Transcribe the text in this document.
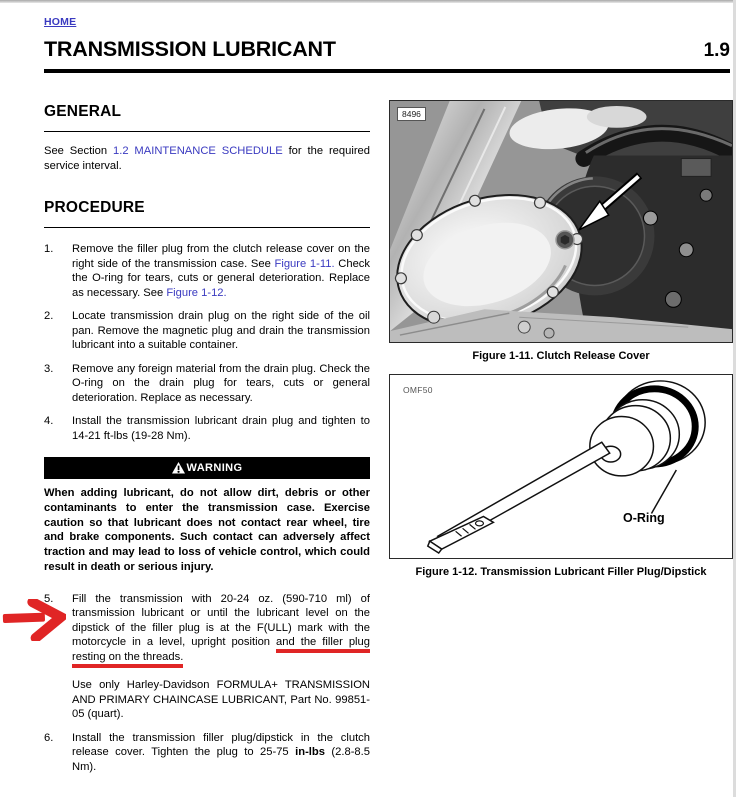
HOME
TRANSMISSION LUBRICANT	1.9
GENERAL

See Section 1.2 MAINTENANCE SCHEDULE for the required service interval.

PROCEDURE
1.	Remove the filler plug from the clutch release cover on the right side of the transmission case. See Figure 1-11. Check the O-ring for tears, cuts or general deterioration. Replace as necessary. See Figure 1-12.
2.	Locate transmission drain plug on the right side of the oil pan. Remove the magnetic plug and drain the transmission lubricant into a suitable container.
3.	Remove any foreign material from the drain plug. Check the O-ring on the drain plug for tears, cuts or general deterioration. Replace as necessary.
4.	Install the transmission lubricant drain plug and tighten to 14-21 ft-lbs (19-28 Nm).
WARNING
When adding lubricant, do not allow dirt, debris or other contaminants to enter the transmission case. Exercise caution so that lubricant does not contact rear wheel, tire and brake components. Such contact can adversely affect traction and may lead to loss of vehicle control, which could result in death or serious injury.
5.	Fill the transmission with 20-24 oz. (590-710 ml) of transmission lubricant or until the lubricant level on the dipstick of the filler plug is at the F(ULL) mark with the motorcycle in a level, upright position and the filler plug resting on the threads.

Use only Harley-Davidson FORMULA+ TRANSMISSION AND PRIMARY CHAINCASE LUBRICANT, Part No. 99851-05 (quart).

6.	Install the transmission filler plug/dipstick in the clutch release cover. Tighten the plug to 25-75 in-lbs (2.8-8.5 Nm).
8496
Figure 1-11. Clutch Release Cover
OMF50
O-Ring
Figure 1-12. Transmission Lubricant Filler Plug/Dipstick
